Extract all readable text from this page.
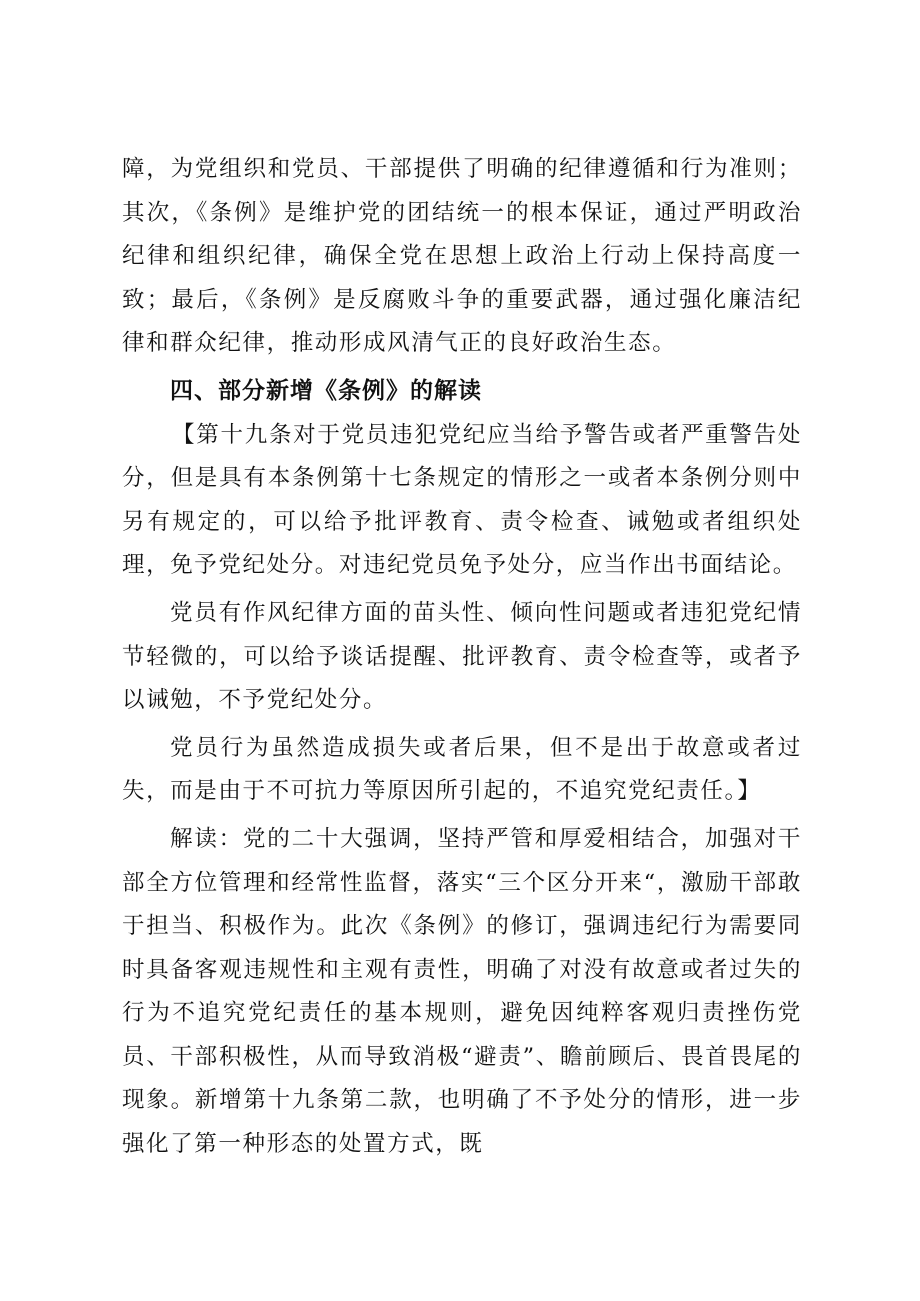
障，为党组织和党员、干部提供了明确的纪律遵循和行为准则；其次，《条例》是维护党的团结统一的根本保证，通过严明政治纪律和组织纪律，确保全党在思想上政治上行动上保持高度一致；最后，《条例》是反腐败斗争的重要武器，通过强化廉洁纪律和群众纪律，推动形成风清气正的良好政治生态。

四、部分新增《条例》的解读

【第十九条对于党员违犯党纪应当给予警告或者严重警告处分，但是具有本条例第十七条规定的情形之一或者本条例分则中另有规定的，可以给予批评教育、责令检查、诫勉或者组织处理，免予党纪处分。对违纪党员免予处分，应当作出书面结论。

党员有作风纪律方面的苗头性、倾向性问题或者违犯党纪情节轻微的，可以给予谈话提醒、批评教育、责令检查等，或者予以诫勉，不予党纪处分。

党员行为虽然造成损失或者后果，但不是出于故意或者过失，而是由于不可抗力等原因所引起的，不追究党纪责任。】

解读：党的二十大强调，坚持严管和厚爱相结合，加强对干部全方位管理和经常性监督，落实“三个区分开来“，激励干部敢于担当、积极作为。此次《条例》的修订，强调违纪行为需要同时具备客观违规性和主观有责性，明确了对没有故意或者过失的行为不追究党纪责任的基本规则，避免因纯粹客观归责挫伤党员、干部积极性，从而导致消极“避责”、瞻前顾后、畏首畏尾的现象。新增第十九条第二款，也明确了不予处分的情形，进一步强化了第一种形态的处置方式，既
